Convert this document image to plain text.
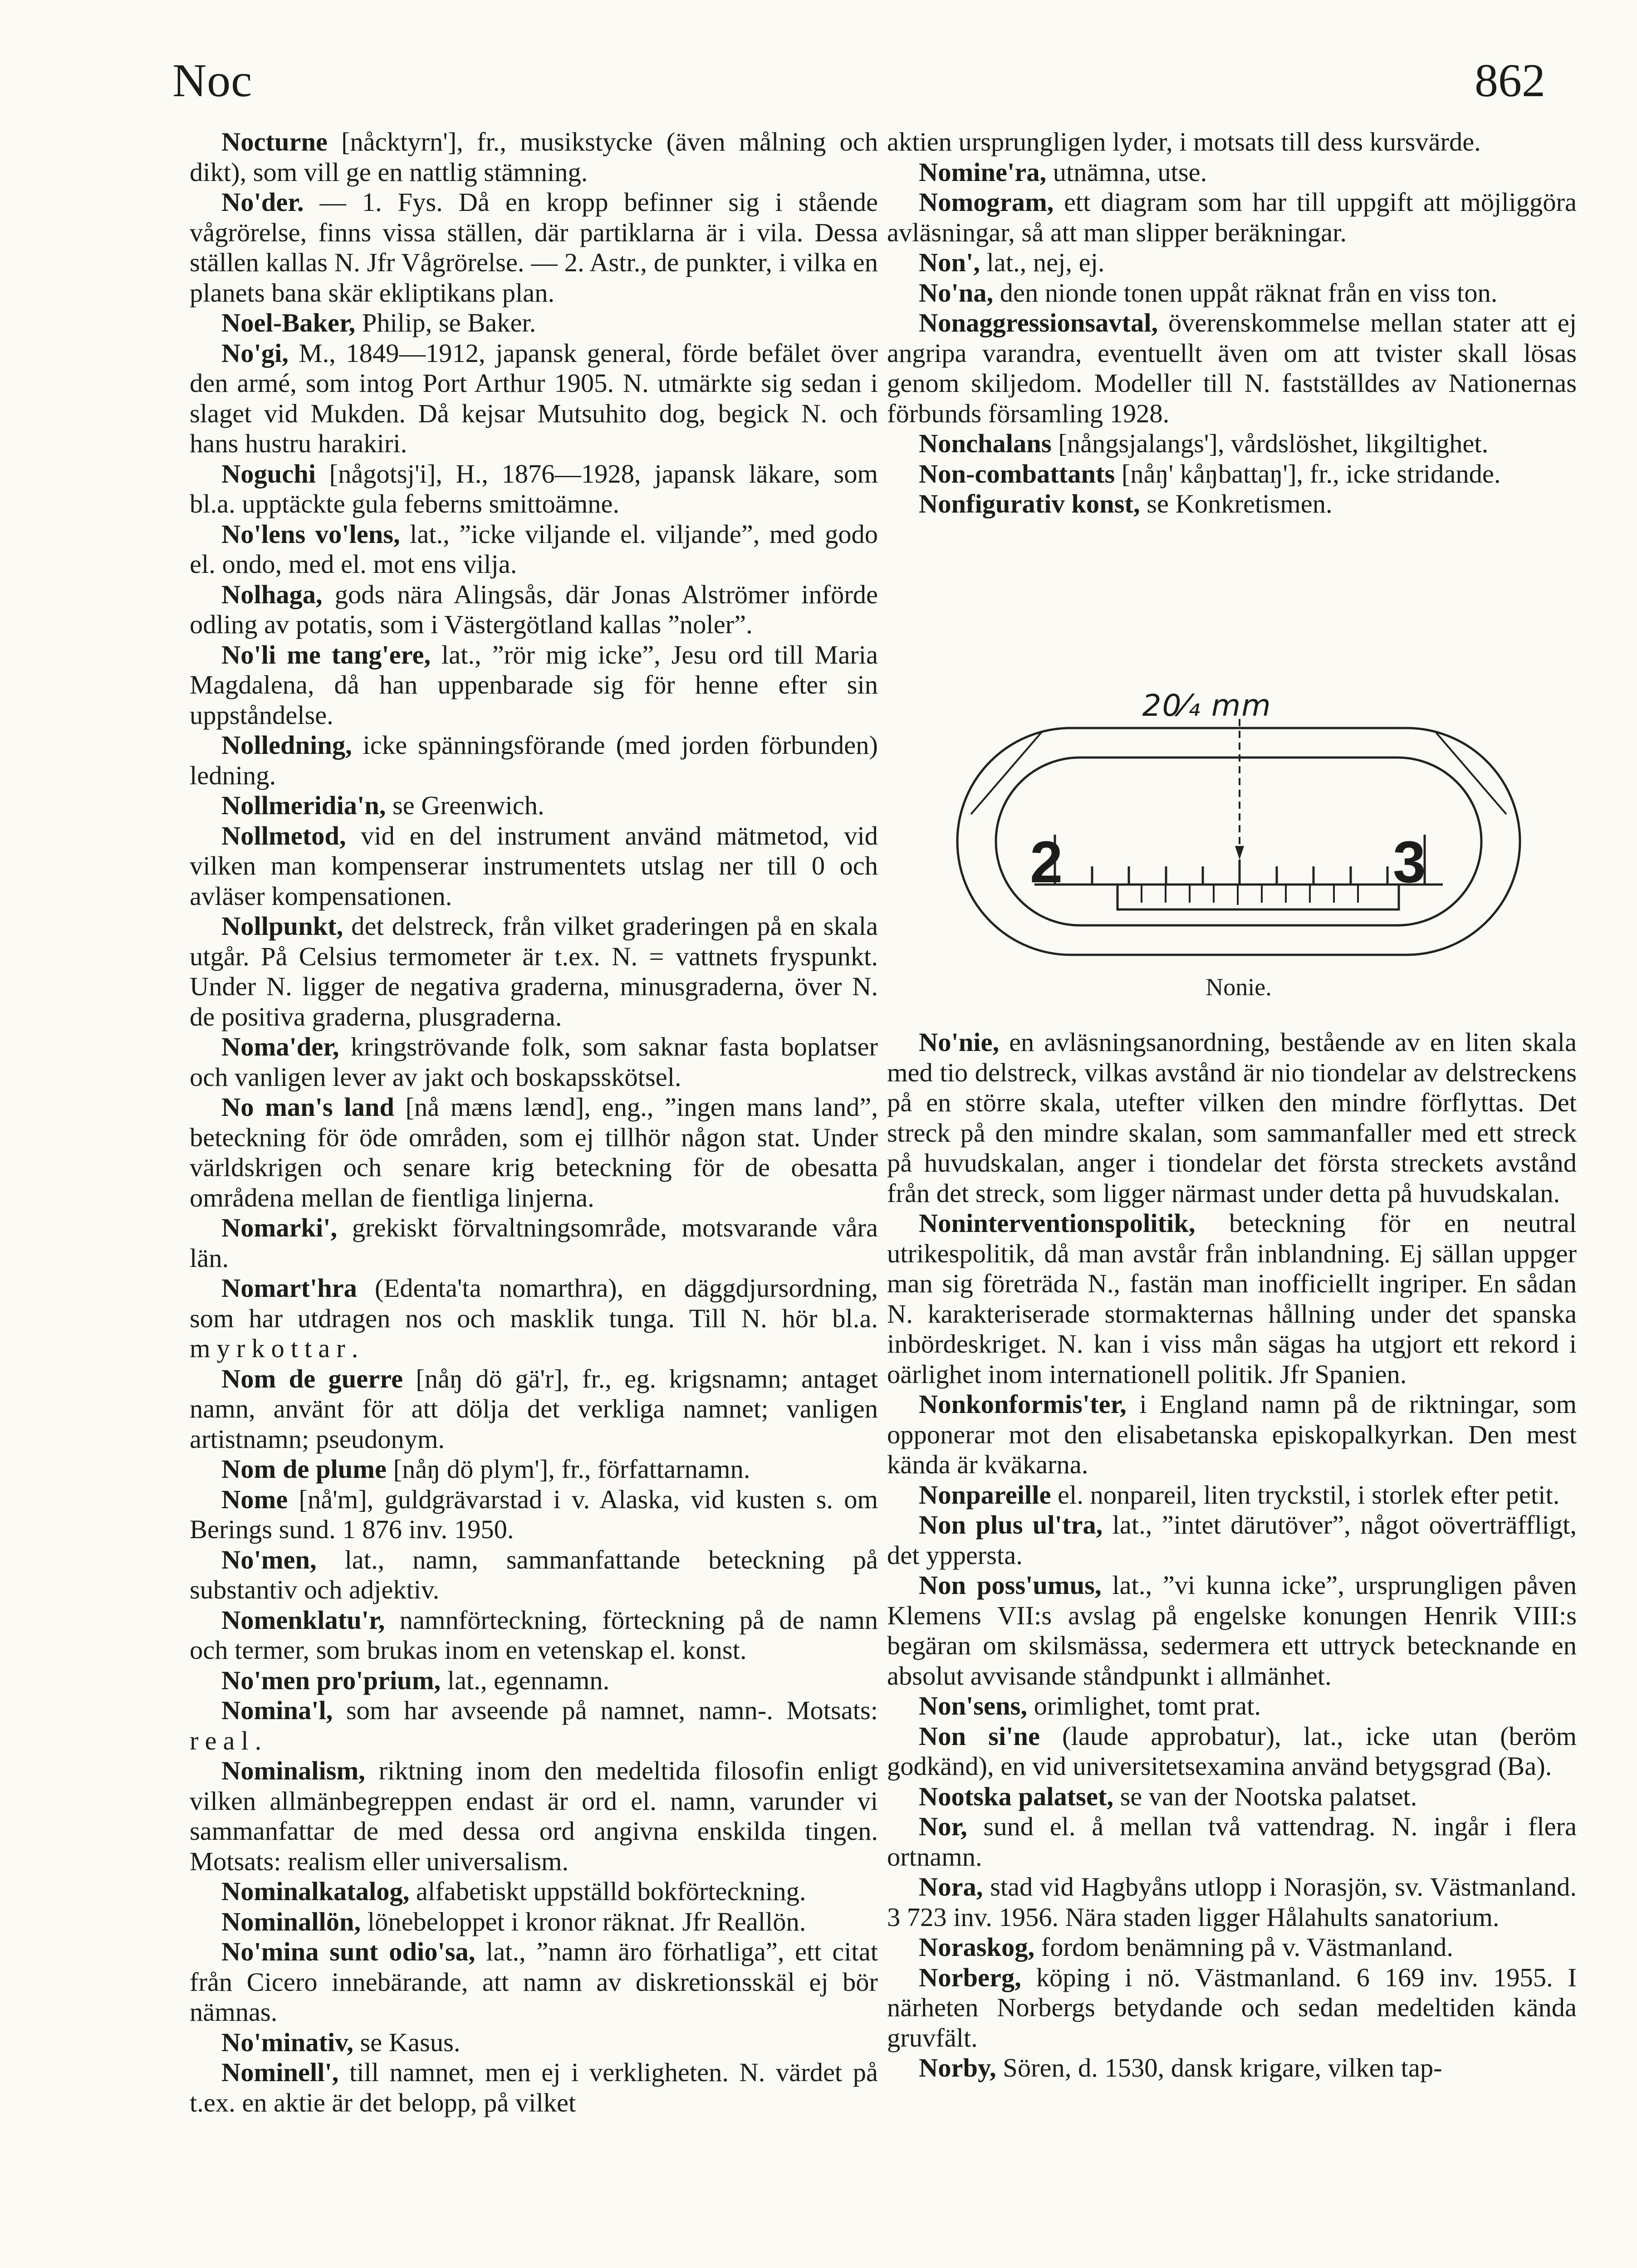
Noc	862

Nocturne [nåcktyrn'], fr., musikstycke (även målning och dikt), som vill ge en nattlig stämning.

No'der. — 1. Fys. Då en kropp befinner sig i stående vågrörelse, finns vissa ställen, där partiklarna är i vila. Dessa ställen kallas N. Jfr Vågrörelse. — 2. Astr., de punkter, i vilka en planets bana skär ekliptikans plan.

Noel-Baker, Philip, se Baker.

No'gi, M., 1849—1912, japansk general, förde befälet över den armé, som intog Port Arthur 1905. N. utmärkte sig sedan i slaget vid Mukden. Då kejsar Mutsuhito dog, begick N. och hans hustru harakiri.

Noguchi [någotsj'i], H., 1876—1928, japansk läkare, som bl.a. upptäckte gula feberns smittoämne.

No'lens vo'lens, lat., ”icke viljande el. viljande”, med godo el. ondo, med el. mot ens vilja.

Nolhaga, gods nära Alingsås, där Jonas Alströmer införde odling av potatis, som i Västergötland kallas ”noler”.

No'li me tang'ere, lat., ”rör mig icke”, Jesu ord till Maria Magdalena, då han uppenbarade sig för henne efter sin uppståndelse.

Nolledning, icke spänningsförande (med jorden förbunden) ledning.

Nollmeridia'n, se Greenwich.

Nollmetod, vid en del instrument använd mätmetod, vid vilken man kompenserar instrumentets utslag ner till 0 och avläser kompensationen.

Nollpunkt, det delstreck, från vilket graderingen på en skala utgår. På Celsius termometer är t.ex. N. = vattnets fryspunkt. Under N. ligger de negativa graderna, minusgraderna, över N. de positiva graderna, plusgraderna.

Noma'der, kringströvande folk, som saknar fasta boplatser och vanligen lever av jakt och boskapsskötsel.

No man's land [nå mæns lænd], eng., ”ingen mans land”, beteckning för öde områden, som ej tillhör någon stat. Under världskrigen och senare krig beteckning för de obesatta områdena mellan de fientliga linjerna.

Nomarki', grekiskt förvaltningsområde, motsvarande våra län.

Nomart'hra (Edenta'ta nomarthra), en däggdjursordning, som har utdragen nos och masklik tunga. Till N. hör bl.a. myrkottar.

Nom de guerre [nåŋ dö gä'r], fr., eg. krigsnamn; antaget namn, använt för att dölja det verkliga namnet; vanligen artistnamn; pseudonym.

Nom de plume [nåŋ dö plym'], fr., författarnamn.

Nome [nå'm], guldgrävarstad i v. Alaska, vid kusten s. om Berings sund. 1 876 inv. 1950.

No'men, lat., namn, sammanfattande beteckning på substantiv och adjektiv.

Nomenklatu'r, namnförteckning, förteckning på de namn och termer, som brukas inom en vetenskap el. konst.

No'men pro'prium, lat., egennamn.

Nomina'l, som har avseende på namnet, namn-. Motsats: real.

Nominalism, riktning inom den medeltida filosofin enligt vilken allmänbegreppen endast är ord el. namn, varunder vi sammanfattar de med dessa ord angivna enskilda tingen. Motsats: realism eller universalism.

Nominalkatalog, alfabetiskt uppställd bokförteckning.

Nominallön, lönebeloppet i kronor räknat. Jfr Reallön.

No'mina sunt odio'sa, lat., ”namn äro förhatliga”, ett citat från Cicero innebärande, att namn av diskretionsskäl ej bör nämnas.

No'minativ, se Kasus.

Nominell', till namnet, men ej i verkligheten. N. värdet på t.ex. en aktie är det belopp, på vilket

aktien ursprungligen lyder, i motsats till dess kursvärde.

Nomine'ra, utnämna, utse.

Nomogram, ett diagram som har till uppgift att möjliggöra avläsningar, så att man slipper beräkningar.

Non', lat., nej, ej.

No'na, den nionde tonen uppåt räknat från en viss ton.

Nonaggressionsavtal, överenskommelse mellan stater att ej angripa varandra, eventuellt även om att tvister skall lösas genom skiljedom. Modeller till N. fastställdes av Nationernas förbunds församling 1928.

Nonchalans [nångsjalangs'], vårdslöshet, likgiltighet.

Non-combattants [nåŋ' kåŋbattaŋ'], fr., icke stridande.

Nonfigurativ konst, se Konkretismen.

20⁄₄ mm
2	3
Nonie.

No'nie, en avläsningsanordning, bestående av en liten skala med tio delstreck, vilkas avstånd är nio tiondelar av delstreckens på en större skala, utefter vilken den mindre förflyttas. Det streck på den mindre skalan, som sammanfaller med ett streck på huvudskalan, anger i tiondelar det första streckets avstånd från det streck, som ligger närmast under detta på huvudskalan.

Noninterventionspolitik, beteckning för en neutral utrikespolitik, då man avstår från inblandning. Ej sällan uppger man sig företräda N., fastän man inofficiellt ingriper. En sådan N. karakteriserade stormakternas hållning under det spanska inbördeskriget. N. kan i viss mån sägas ha utgjort ett rekord i oärlighet inom internationell politik. Jfr Spanien.

Nonkonformis'ter, i England namn på de riktningar, som opponerar mot den elisabetanska episkopalkyrkan. Den mest kända är kväkarna.

Nonpareille el. nonpareil, liten tryckstil, i storlek efter petit.

Non plus ul'tra, lat., ”intet därutöver”, något oöverträffligt, det yppersta.

Non poss'umus, lat., ”vi kunna icke”, ursprungligen påven Klemens VII:s avslag på engelske konungen Henrik VIII:s begäran om skilsmässa, sedermera ett uttryck betecknande en absolut avvisande ståndpunkt i allmänhet.

Non'sens, orimlighet, tomt prat.

Non si'ne (laude approbatur), lat., icke utan (beröm godkänd), en vid universitetsexamina använd betygsgrad (Ba).

Nootska palatset, se van der Nootska palatset.

Nor, sund el. å mellan två vattendrag. N. ingår i flera ortnamn.

Nora, stad vid Hagbyåns utlopp i Norasjön, sv. Västmanland. 3 723 inv. 1956. Nära staden ligger Hålahults sanatorium.

Noraskog, fordom benämning på v. Västmanland.

Norberg, köping i nö. Västmanland. 6 169 inv. 1955. I närheten Norbergs betydande och sedan medeltiden kända gruvfält.

Norby, Sören, d. 1530, dansk krigare, vilken tap-
